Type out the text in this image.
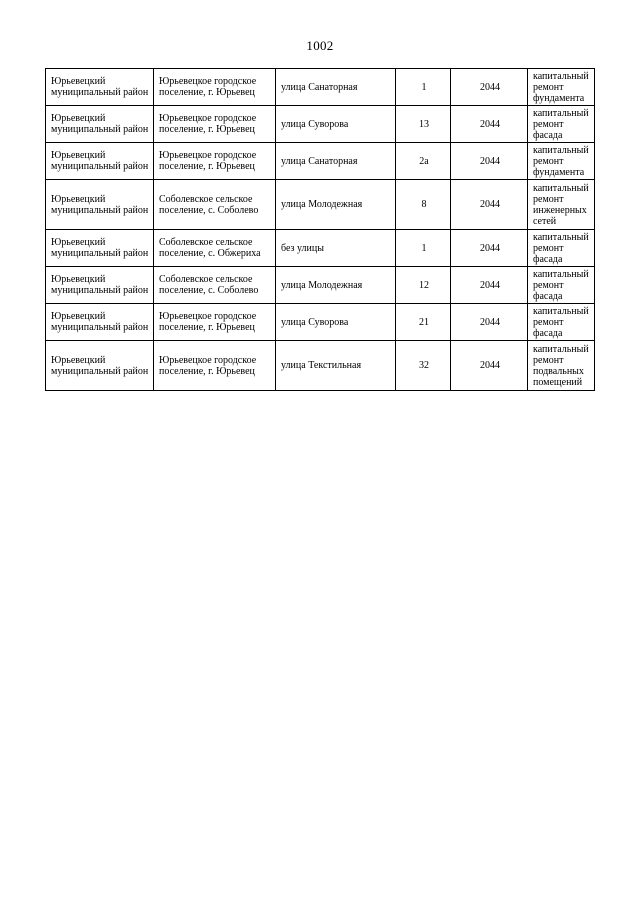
1002
Юрьевецкий муниципальный район	Юрьевецкое городское поселение, г. Юрьевец	улица Санаторная	1	2044	капитальный ремонт фундамента
Юрьевецкий муниципальный район	Юрьевецкое городское поселение, г. Юрьевец	улица Суворова	13	2044	капитальный ремонт фасада
Юрьевецкий муниципальный район	Юрьевецкое городское поселение, г. Юрьевец	улица Санаторная	2а	2044	капитальный ремонт фундамента
Юрьевецкий муниципальный район	Соболевское сельское поселение, с. Соболево	улица Молодежная	8	2044	капитальный ремонт инженерных сетей
Юрьевецкий муниципальный район	Соболевское сельское поселение, с. Обжериха	без улицы	1	2044	капитальный ремонт фасада
Юрьевецкий муниципальный район	Соболевское сельское поселение, с. Соболево	улица Молодежная	12	2044	капитальный ремонт фасада
Юрьевецкий муниципальный район	Юрьевецкое городское поселение, г. Юрьевец	улица Суворова	21	2044	капитальный ремонт фасада
Юрьевецкий муниципальный район	Юрьевецкое городское поселение, г. Юрьевец	улица Текстильная	32	2044	капитальный ремонт подвальных помещений
